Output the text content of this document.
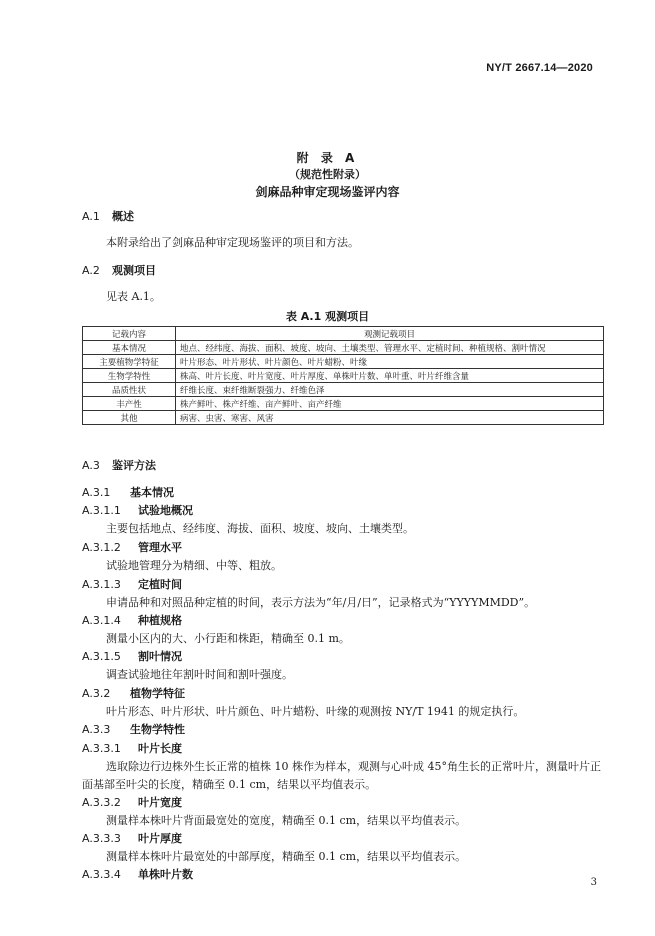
NY/T 2667.14—2020
附 录 A
（规范性附录）
剑麻品种审定现场鉴评内容
A.1 概述
本附录给出了剑麻品种审定现场鉴评的项目和方法。
A.2 观测项目
见表 A.1。
表 A.1 观测项目
记载内容	观测记载项目
基本情况	地点、经纬度、海拔、面积、坡度、坡向、土壤类型、管理水平、定植时间、种植规格、割叶情况
主要植物学特征	叶片形态、叶片形状、叶片颜色、叶片蜡粉、叶缘
生物学特性	株高、叶片长度、叶片宽度、叶片厚度、单株叶片数、单叶重、叶片纤维含量
品质性状	纤维长度、束纤维断裂强力、纤维色泽
丰产性	株产鲜叶、株产纤维、亩产鲜叶、亩产纤维
其他	病害、虫害、寒害、风害
A.3 鉴评方法
A.3.1 基本情况
A.3.1.1 试验地概况
主要包括地点、经纬度、海拔、面积、坡度、坡向、土壤类型。
A.3.1.2 管理水平
试验地管理分为精细、中等、粗放。
A.3.1.3 定植时间
申请品种和对照品种定植的时间，表示方法为“年/月/日”，记录格式为“YYYYMMDD”。
A.3.1.4 种植规格
测量小区内的大、小行距和株距，精确至 0.1 m。
A.3.1.5 割叶情况
调查试验地往年割叶时间和割叶强度。
A.3.2 植物学特征
叶片形态、叶片形状、叶片颜色、叶片蜡粉、叶缘的观测按 NY/T 1941 的规定执行。
A.3.3 生物学特性
A.3.3.1 叶片长度
选取除边行边株外生长正常的植株 10 株作为样本，观测与心叶成 45°角生长的正常叶片，测量叶片正
面基部至叶尖的长度，精确至 0.1 cm，结果以平均值表示。
A.3.3.2 叶片宽度
测量样本株叶片背面最宽处的宽度，精确至 0.1 cm，结果以平均值表示。
A.3.3.3 叶片厚度
测量样本株叶片最宽处的中部厚度，精确至 0.1 cm，结果以平均值表示。
A.3.3.4 单株叶片数
3
